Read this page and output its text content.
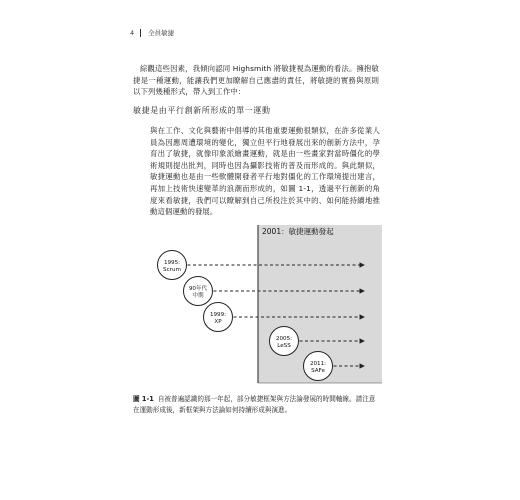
4 全員敏捷
綜觀這些因素，我傾向認同 Highsmith 將敏捷視為運動的看法。擁抱敏捷是一種運動，能讓我們更加瞭解自己應盡的責任，將敏捷的實務與原則以下列幾種形式，帶入到工作中：
敏捷是由平行創新所形成的單一運動
與在工作、文化與藝術中倡導的其他重要運動很類似，在許多從業人員為因應周遭環境的變化，獨立但平行地發展出來的創新方法中，孕育出了敏捷，就像印象派繪畫運動，就是由一些畫家對當時僵化的學術規則提出批判，同時也因為攝影技術的普及而形成的。與此類似，敏捷運動也是由一些軟體開發者平行地對僵化的工作環境提出建言，再加上技術快速變革的浪潮而形成的，如圖 1-1，透過平行創新的角度來看敏捷，我們可以瞭解到自己所投注於其中的、如何能持續地推動這個運動的發展。
2001：敏捷運動發起
1995:
Scrum
90年代
中期
1999:
XP
2005:
LeSS
2011:
SAFe
圖 1-1 自被普遍認識的那一年起，部分敏捷框架與方法論發展的時間軸線。請注意在運動形成後，新框架與方法論如何持續形成與演進。
